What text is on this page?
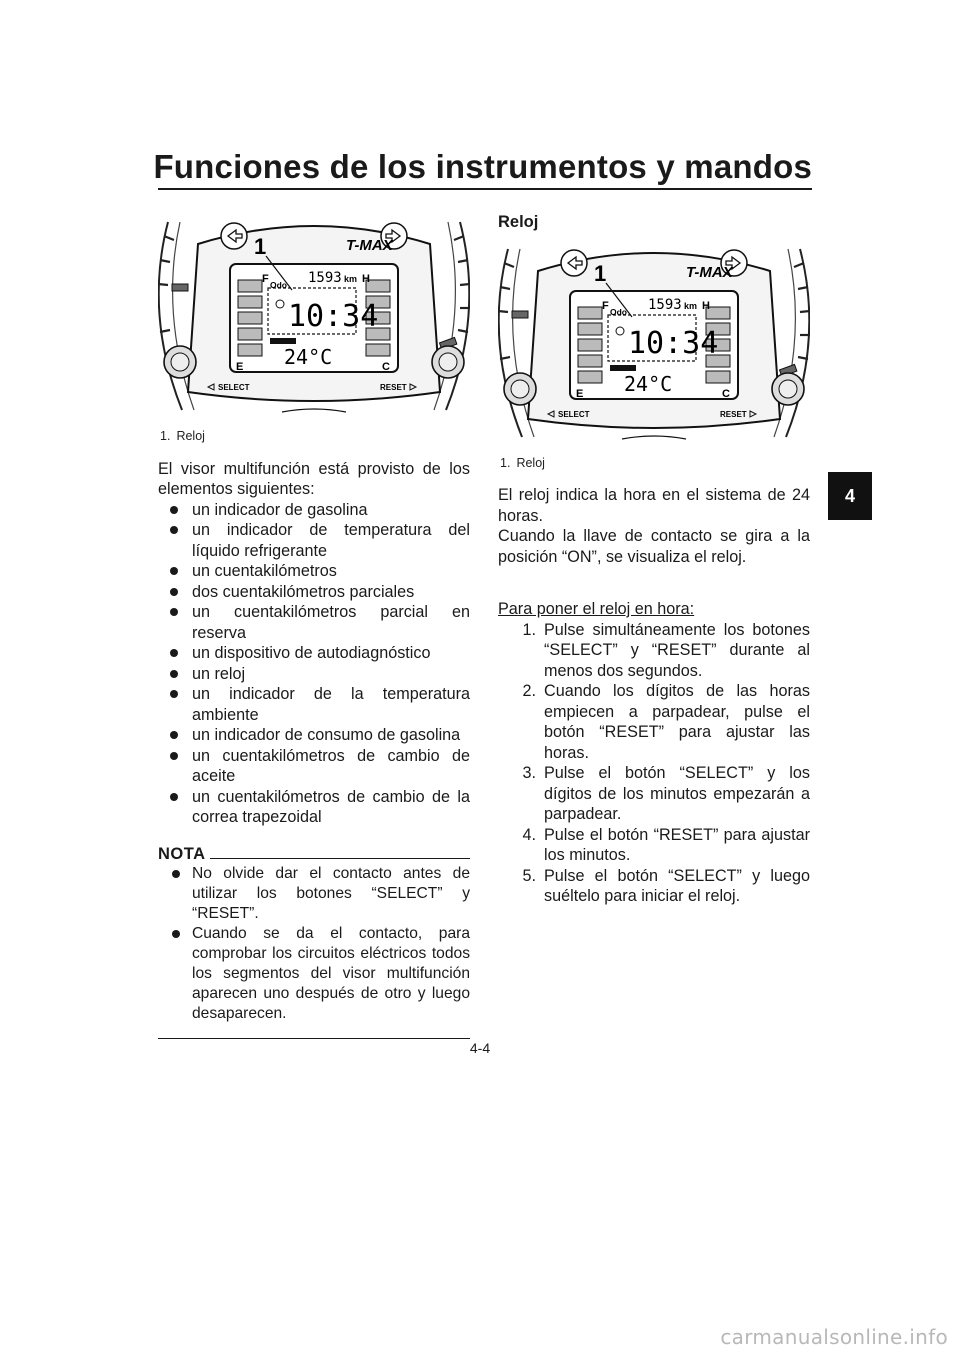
Funciones de los instrumentos y mandos
4
1	T-MAX
F
E
H
C
Odo 1593 km
10:34
24°C
SELECT	RESET
1. Reloj

El visor multifunción está provisto de los elementos siguientes:

un indicador de gasolina
un indicador de temperatura del líquido refrigerante
un cuentakilómetros
dos cuentakilómetros parciales
un cuentakilómetros parcial en reserva
un dispositivo de autodiagnóstico
un reloj
un indicador de la temperatura ambiente
un indicador de consumo de gasolina
un cuentakilómetros de cambio de aceite
un cuentakilómetros de cambio de la correa trapezoidal
NOTA
No olvide dar el contacto antes de utilizar los botones “SELECT” y “RESET”.
Cuando se da el contacto, para comprobar los circuitos eléctricos todos los segmentos del visor multifunción aparecen uno después de otro y luego desaparecen.
Reloj
1	T-MAX
F
E
H
C
Odo 1593 km
10:34
24°C
SELECT	RESET
1. Reloj

El reloj indica la hora en el sistema de 24 horas.

Cuando la llave de contacto se gira a la posición “ON”, se visualiza el reloj.

Para poner el reloj en hora:

1. Pulse simultáneamente los botones “SELECT” y “RESET” durante al menos dos segundos.
2. Cuando los dígitos de las horas empiecen a parpadear, pulse el botón “RESET” para ajustar las horas.
3. Pulse el botón “SELECT” y los dígitos de los minutos empezarán a parpadear.
4. Pulse el botón “RESET” para ajustar los minutos.
5. Pulse el botón “SELECT” y luego suéltelo para iniciar el reloj.
4-4
carmanualsonline.info
